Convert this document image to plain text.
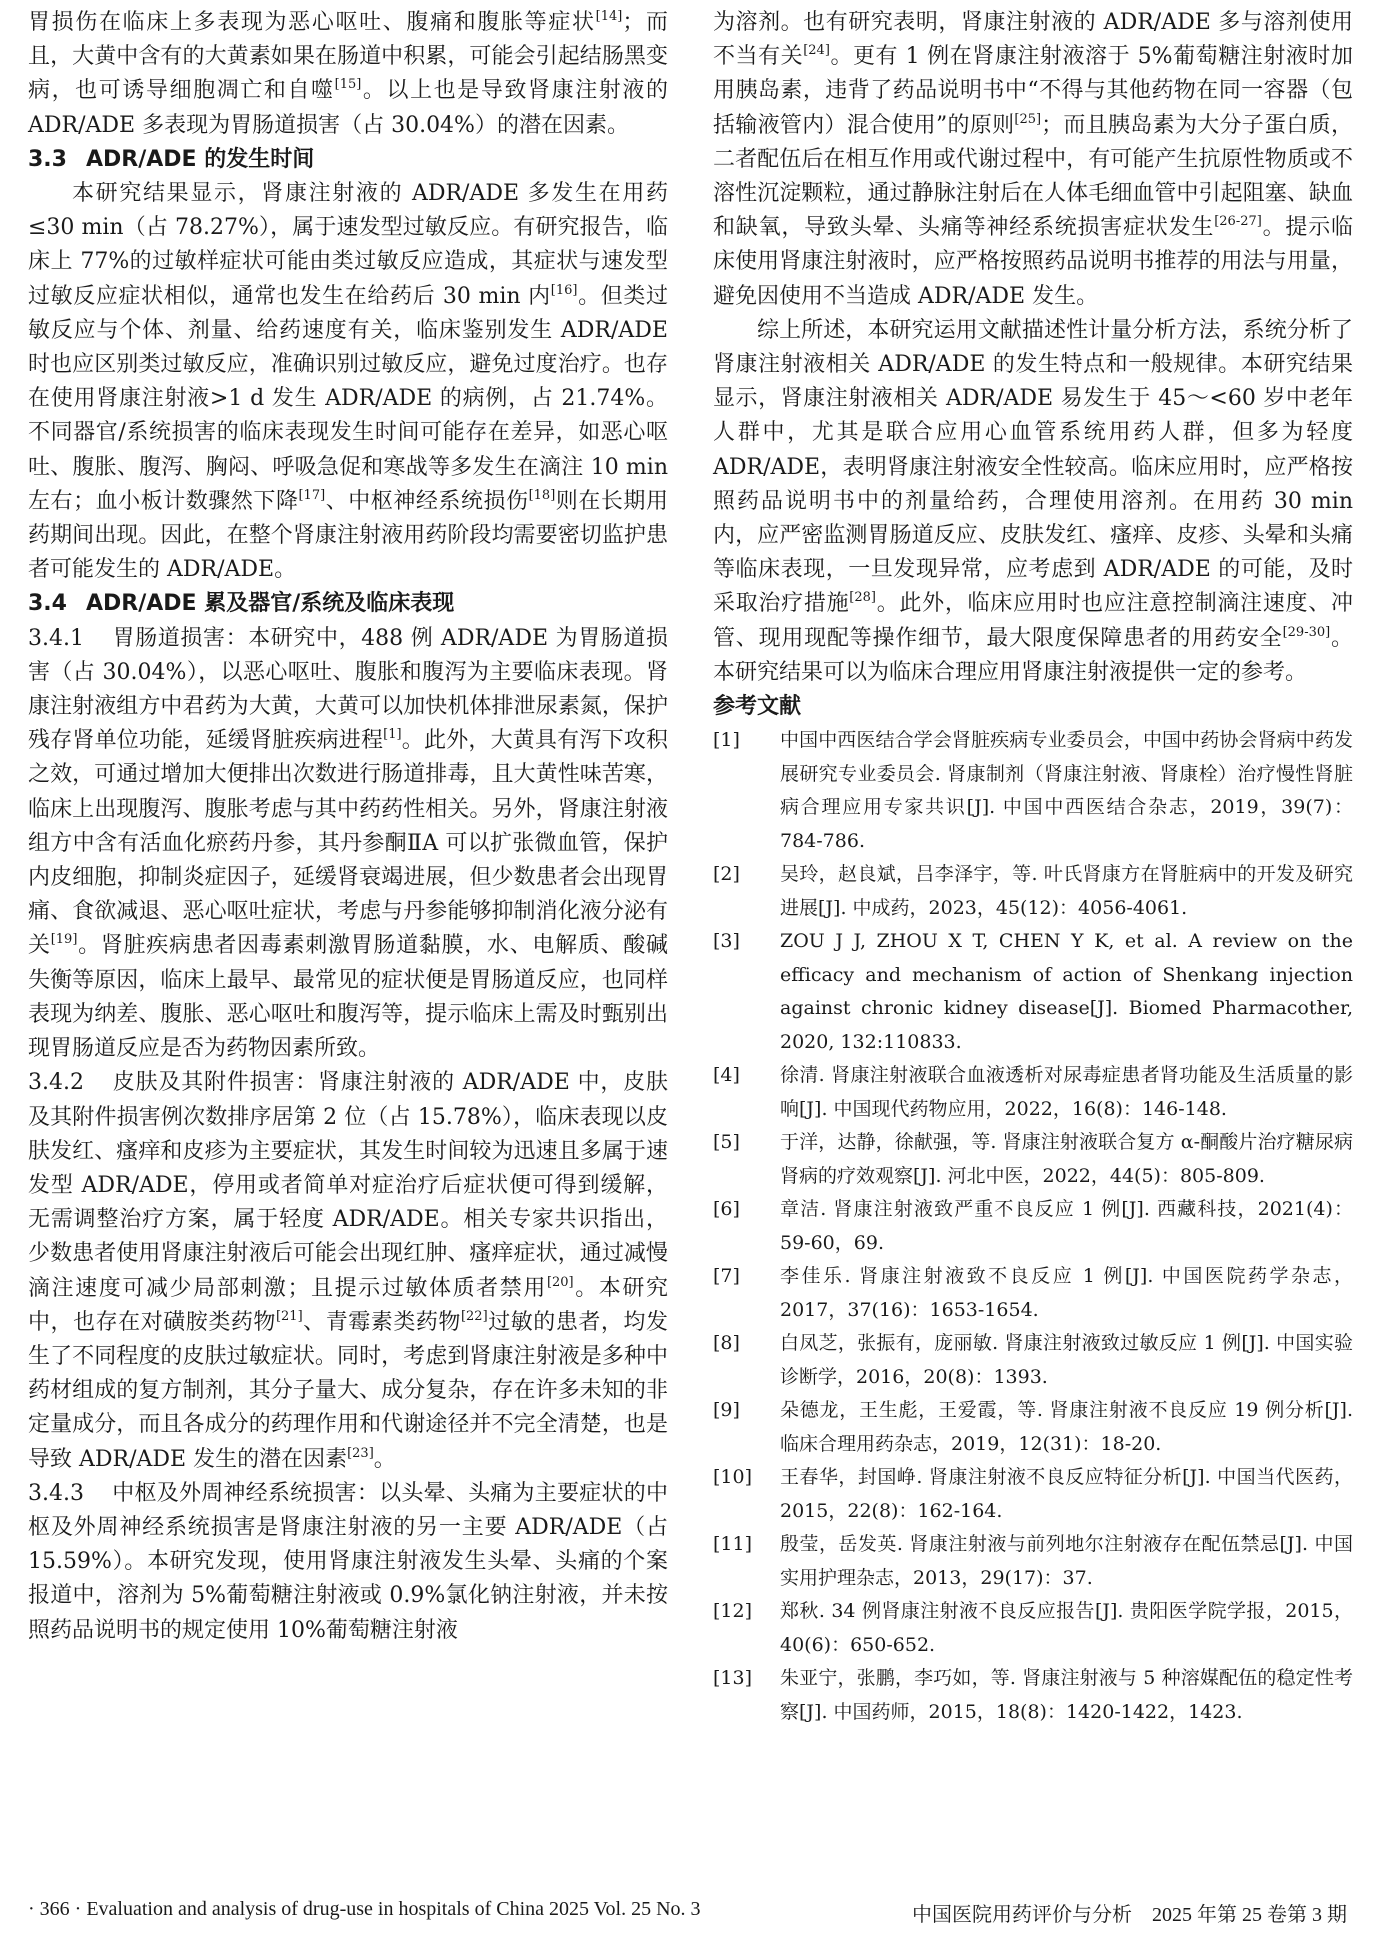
胃损伤在临床上多表现为恶心呕吐、腹痛和腹胀等症状[14]；而且，大黄中含有的大黄素如果在肠道中积累，可能会引起结肠黑变病，也可诱导细胞凋亡和自噬[15]。以上也是导致肾康注射液的 ADR/ADE 多表现为胃肠道损害（占 30.04%）的潜在因素。

3.3 ADR/ADE 的发生时间

本研究结果显示，肾康注射液的 ADR/ADE 多发生在用药≤30 min（占 78.27%），属于速发型过敏反应。有研究报告，临床上 77%的过敏样症状可能由类过敏反应造成，其症状与速发型过敏反应症状相似，通常也发生在给药后 30 min 内[16]。但类过敏反应与个体、剂量、给药速度有关，临床鉴别发生 ADR/ADE 时也应区别类过敏反应，准确识别过敏反应，避免过度治疗。也存在使用肾康注射液>1 d 发生 ADR/ADE 的病例，占 21.74%。不同器官/系统损害的临床表现发生时间可能存在差异，如恶心呕吐、腹胀、腹泻、胸闷、呼吸急促和寒战等多发生在滴注 10 min 左右；血小板计数骤然下降[17]、中枢神经系统损伤[18]则在长期用药期间出现。因此，在整个肾康注射液用药阶段均需要密切监护患者可能发生的 ADR/ADE。

3.4 ADR/ADE 累及器官/系统及临床表现

3.4.1 胃肠道损害：本研究中，488 例 ADR/ADE 为胃肠道损害（占 30.04%），以恶心呕吐、腹胀和腹泻为主要临床表现。肾康注射液组方中君药为大黄，大黄可以加快机体排泄尿素氮，保护残存肾单位功能，延缓肾脏疾病进程[1]。此外，大黄具有泻下攻积之效，可通过增加大便排出次数进行肠道排毒，且大黄性味苦寒，临床上出现腹泻、腹胀考虑与其中药药性相关。另外，肾康注射液组方中含有活血化瘀药丹参，其丹参酮ⅡA 可以扩张微血管，保护内皮细胞，抑制炎症因子，延缓肾衰竭进展，但少数患者会出现胃痛、食欲减退、恶心呕吐症状，考虑与丹参能够抑制消化液分泌有关[19]。肾脏疾病患者因毒素刺激胃肠道黏膜，水、电解质、酸碱失衡等原因，临床上最早、最常见的症状便是胃肠道反应，也同样表现为纳差、腹胀、恶心呕吐和腹泻等，提示临床上需及时甄别出现胃肠道反应是否为药物因素所致。

3.4.2 皮肤及其附件损害：肾康注射液的 ADR/ADE 中，皮肤及其附件损害例次数排序居第 2 位（占 15.78%），临床表现以皮肤发红、瘙痒和皮疹为主要症状，其发生时间较为迅速且多属于速发型 ADR/ADE，停用或者简单对症治疗后症状便可得到缓解，无需调整治疗方案，属于轻度 ADR/ADE。相关专家共识指出，少数患者使用肾康注射液后可能会出现红肿、瘙痒症状，通过减慢滴注速度可减少局部刺激；且提示过敏体质者禁用[20]。本研究中，也存在对磺胺类药物[21]、青霉素类药物[22]过敏的患者，均发生了不同程度的皮肤过敏症状。同时，考虑到肾康注射液是多种中药材组成的复方制剂，其分子量大、成分复杂，存在许多未知的非定量成分，而且各成分的药理作用和代谢途径并不完全清楚，也是导致 ADR/ADE 发生的潜在因素[23]。

3.4.3 中枢及外周神经系统损害：以头晕、头痛为主要症状的中枢及外周神经系统损害是肾康注射液的另一主要 ADR/ADE（占 15.59%）。本研究发现，使用肾康注射液发生头晕、头痛的个案报道中，溶剂为 5%葡萄糖注射液或 0.9%氯化钠注射液，并未按照药品说明书的规定使用 10%葡萄糖注射液

为溶剂。也有研究表明，肾康注射液的 ADR/ADE 多与溶剂使用不当有关[24]。更有 1 例在肾康注射液溶于 5%葡萄糖注射液时加用胰岛素，违背了药品说明书中“不得与其他药物在同一容器（包括输液管内）混合使用”的原则[25]；而且胰岛素为大分子蛋白质，二者配伍后在相互作用或代谢过程中，有可能产生抗原性物质或不溶性沉淀颗粒，通过静脉注射后在人体毛细血管中引起阻塞、缺血和缺氧，导致头晕、头痛等神经系统损害症状发生[26-27]。提示临床使用肾康注射液时，应严格按照药品说明书推荐的用法与用量，避免因使用不当造成 ADR/ADE 发生。

综上所述，本研究运用文献描述性计量分析方法，系统分析了肾康注射液相关 ADR/ADE 的发生特点和一般规律。本研究结果显示，肾康注射液相关 ADR/ADE 易发生于 45～<60 岁中老年人群中，尤其是联合应用心血管系统用药人群，但多为轻度 ADR/ADE，表明肾康注射液安全性较高。临床应用时，应严格按照药品说明书中的剂量给药，合理使用溶剂。在用药 30 min 内，应严密监测胃肠道反应、皮肤发红、瘙痒、皮疹、头晕和头痛等临床表现，一旦发现异常，应考虑到 ADR/ADE 的可能，及时采取治疗措施[28]。此外，临床应用时也应注意控制滴注速度、冲管、现用现配等操作细节，最大限度保障患者的用药安全[29-30]。本研究结果可以为临床合理应用肾康注射液提供一定的参考。

参考文献
[1]	中国中西医结合学会肾脏疾病专业委员会，中国中药协会肾病中药发展研究专业委员会. 肾康制剂（肾康注射液、肾康栓）治疗慢性肾脏病合理应用专家共识[J]. 中国中西医结合杂志，2019，39(7)：784-786.
[2]	吴玲，赵良斌，吕李泽宇，等. 叶氏肾康方在肾脏病中的开发及研究进展[J]. 中成药，2023，45(12)：4056-4061.
[3]	ZOU J J, ZHOU X T, CHEN Y K, et al. A review on the efficacy and mechanism of action of Shenkang injection against chronic kidney disease[J]. Biomed Pharmacother, 2020, 132:110833.
[4]	徐清. 肾康注射液联合血液透析对尿毒症患者肾功能及生活质量的影响[J]. 中国现代药物应用，2022，16(8)：146-148.
[5]	于洋，达静，徐献强，等. 肾康注射液联合复方 α-酮酸片治疗糖尿病肾病的疗效观察[J]. 河北中医，2022，44(5)：805-809.
[6]	章洁. 肾康注射液致严重不良反应 1 例[J]. 西藏科技，2021(4)：59-60，69.
[7]	李佳乐. 肾康注射液致不良反应 1 例[J]. 中国医院药学杂志，2017，37(16)：1653-1654.
[8]	白凤芝，张振有，庞丽敏. 肾康注射液致过敏反应 1 例[J]. 中国实验诊断学，2016，20(8)：1393.
[9]	朵德龙，王生彪，王爱霞，等. 肾康注射液不良反应 19 例分析[J]. 临床合理用药杂志，2019，12(31)：18-20.
[10]	王春华，封国峥. 肾康注射液不良反应特征分析[J]. 中国当代医药，2015，22(8)：162-164.
[11]	殷莹，岳发英. 肾康注射液与前列地尔注射液存在配伍禁忌[J]. 中国实用护理杂志，2013，29(17)：37.
[12]	郑秋. 34 例肾康注射液不良反应报告[J]. 贵阳医学院学报，2015，40(6)：650-652.
[13]	朱亚宁，张鹏，李巧如，等. 肾康注射液与 5 种溶媒配伍的稳定性考察[J]. 中国药师，2015，18(8)：1420-1422，1423.
· 366 · Evaluation and analysis of drug-use in hospitals of China 2025 Vol. 25 No. 3	中国医院用药评价与分析　2025 年第 25 卷第 3 期
